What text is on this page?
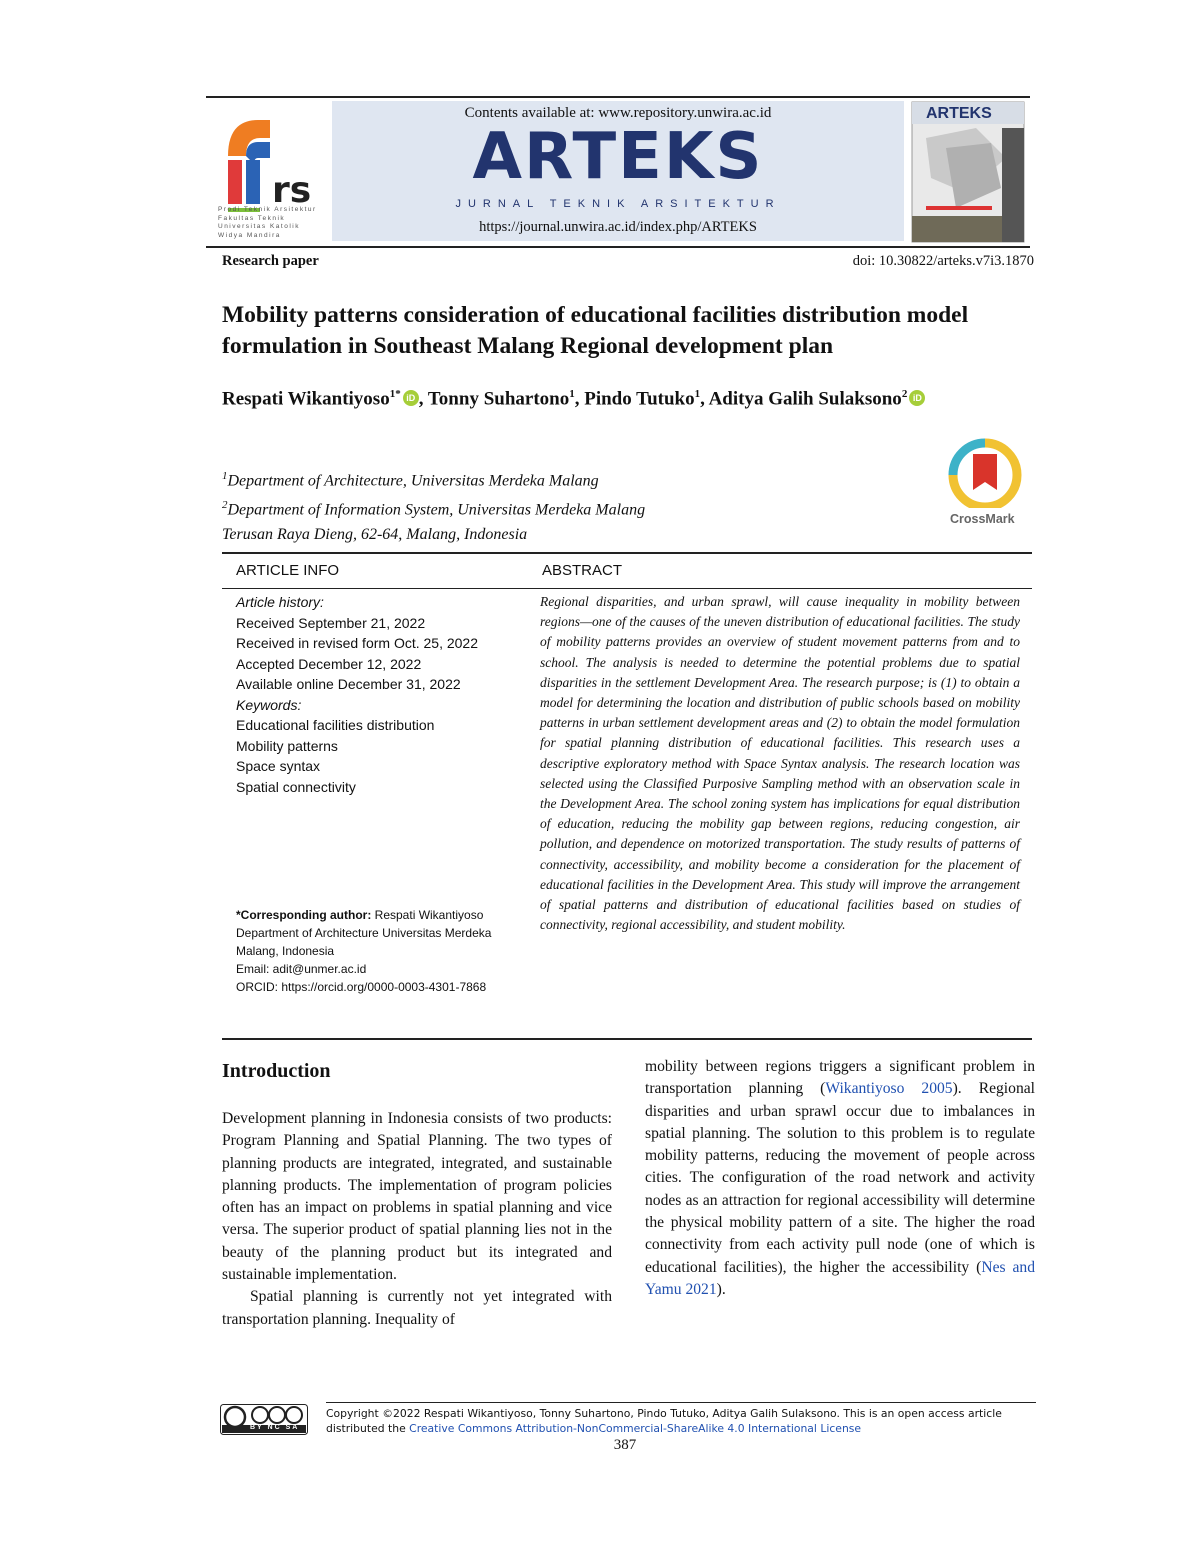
rs
Prodi Teknik Arsitektur
Fakultas Teknik
Universitas Katolik
Widya Mandira
Contents available at: www.repository.unwira.ac.id
ARTEKS
JURNAL TEKNIK ARSITEKTUR
https://journal.unwira.ac.id/index.php/ARTEKS
ARTEKS
Research paper	doi: 10.30822/arteks.v7i3.1870
Mobility patterns consideration of educational facilities distribution model formulation in Southeast Malang Regional development plan
Respati Wikantiyoso$^{1*}$ iD , Tonny Suhartono$^1$, Pindo Tutuko$^1$, Aditya Galih Sulaksono$^2$ iD
$^1$Department of Architecture, Universitas Merdeka Malang
$^2$Department of Information System, Universitas Merdeka Malang
Terusan Raya Dieng, 62-64, Malang, Indonesia
CrossMark
ARTICLE INFO	ABSTRACT
Article history:
Received September 21, 2022
Received in revised form Oct. 25, 2022
Accepted December 12, 2022
Available online December 31, 2022
Keywords:
Educational facilities distribution
Mobility patterns
Space syntax
Spatial connectivity
*Corresponding author: Respati Wikantiyoso
Department of Architecture Universitas Merdeka Malang, Indonesia
Email: adit@unmer.ac.id
ORCID: https://orcid.org/0000-0003-4301-7868
Regional disparities, and urban sprawl, will cause inequality in mobility between regions—one of the causes of the uneven distribution of educational facilities. The study of mobility patterns provides an overview of student movement patterns from and to school. The analysis is needed to determine the potential problems due to spatial disparities in the settlement Development Area. The research purpose; is (1) to obtain a model for determining the location and distribution of public schools based on mobility patterns in urban settlement development areas and (2) to obtain the model formulation for spatial planning distribution of educational facilities. This research uses a descriptive exploratory method with Space Syntax analysis. The research location was selected using the Classified Purposive Sampling method with an observation scale in the Development Area. The school zoning system has implications for equal distribution of education, reducing the mobility gap between regions, reducing congestion, air pollution, and dependence on motorized transportation. The study results of patterns of connectivity, accessibility, and mobility become a consideration for the placement of educational facilities in the Development Area. This study will improve the arrangement of spatial patterns and distribution of educational facilities based on studies of connectivity, regional accessibility, and student mobility.
Introduction

Development planning in Indonesia consists of two products: Program Planning and Spatial Planning. The two types of planning products are integrated, integrated, and sustainable planning products. The implementation of program policies often has an impact on problems in spatial planning and vice versa. The superior product of spatial planning lies not in the beauty of the planning product but its integrated and sustainable implementation.

Spatial planning is currently not yet integrated with transportation planning. Inequality of

mobility between regions triggers a significant problem in transportation planning (Wikantiyoso 2005). Regional disparities and urban sprawl occur due to imbalances in spatial planning. The solution to this problem is to regulate mobility patterns, reducing the movement of people across cities. The configuration of the road network and activity nodes as an attraction for regional accessibility will determine the physical mobility pattern of a site. The higher the road connectivity from each activity pull node (one of which is educational facilities), the higher the accessibility (Nes and Yamu 2021).

BY NC SA
Copyright ©2022 Respati Wikantiyoso, Tonny Suhartono, Pindo Tutuko, Aditya Galih Sulaksono. This is an open access article distributed the Creative Commons Attribution-NonCommercial-ShareAlike 4.0 International License
387
